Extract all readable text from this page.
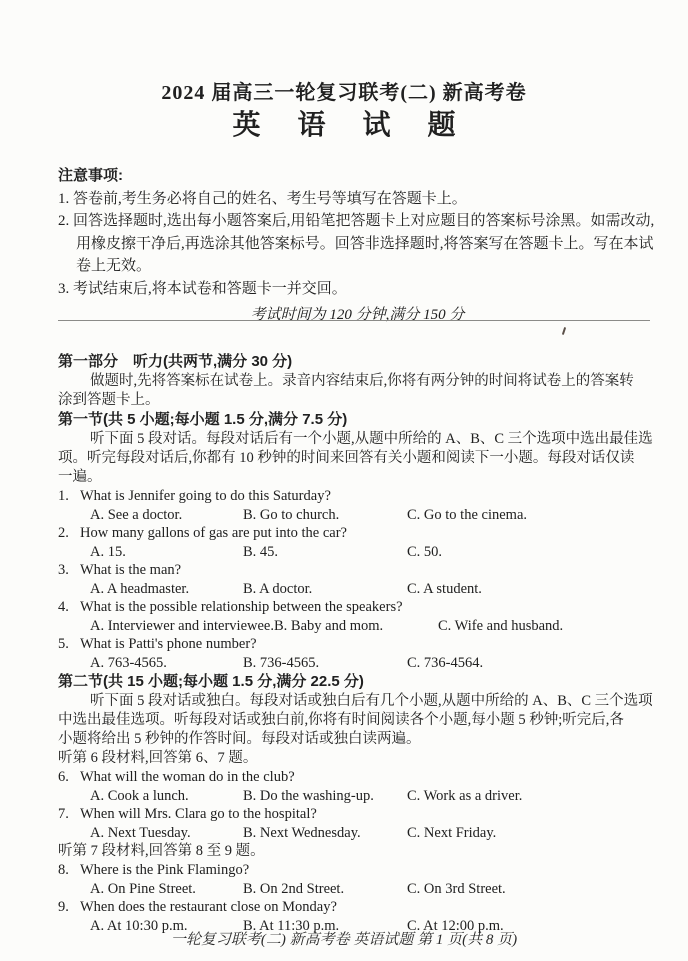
2024 届高三一轮复习联考(二) 新高考卷
英 语 试 题
注意事项:
1. 答卷前,考生务必将自己的姓名、考生号等填写在答题卡上。
2. 回答选择题时,选出每小题答案后,用铅笔把答题卡上对应题目的答案标号涂黑。如需改动,
用橡皮擦干净后,再选涂其他答案标号。回答非选择题时,将答案写在答题卡上。写在本试
卷上无效。
3. 考试结束后,将本试卷和答题卡一并交回。
考试时间为 120 分钟,满分 150 分
第一部分　听力(共两节,满分 30 分)
做题时,先将答案标在试卷上。录音内容结束后,你将有两分钟的时间将试卷上的答案转
涂到答题卡上。
第一节(共 5 小题;每小题 1.5 分,满分 7.5 分)
听下面 5 段对话。每段对话后有一个小题,从题中所给的 A、B、C 三个选项中选出最佳选
项。听完每段对话后,你都有 10 秒钟的时间来回答有关小题和阅读下一小题。每段对话仅读
一遍。
1. What is Jennifer going to do this Saturday?
A. See a doctor.	B. Go to church.	C. Go to the cinema.
2. How many gallons of gas are put into the car?
A. 15.	B. 45.	C. 50.
3. What is the man?
A. A headmaster.	B. A doctor.	C. A student.
4. What is the possible relationship between the speakers?
A. Interviewer and interviewee.B. Baby and mom.	C. Wife and husband.
5. What is Patti's phone number?
A. 763-4565.	B. 736-4565.	C. 736-4564.
第二节(共 15 小题;每小题 1.5 分,满分 22.5 分)
听下面 5 段对话或独白。每段对话或独白后有几个小题,从题中所给的 A、B、C 三个选项
中选出最佳选项。听每段对话或独白前,你将有时间阅读各个小题,每小题 5 秒钟;听完后,各
小题将给出 5 秒钟的作答时间。每段对话或独白读两遍。
听第 6 段材料,回答第 6、7 题。
6. What will the woman do in the club?
A. Cook a lunch.	B. Do the washing-up. C. Work as a driver.
7. When will Mrs. Clara go to the hospital?
A. Next Tuesday.	B. Next Wednesday.	C. Next Friday.
听第 7 段材料,回答第 8 至 9 题。
8. Where is the Pink Flamingo?
A. On Pine Street.	B. On 2nd Street.	C. On 3rd Street.
9. When does the restaurant close on Monday?
A. At 10:30 p.m.	B. At 11:30 p.m.	C. At 12:00 p.m.
一轮复习联考(二) 新高考卷 英语试题 第 1 页(共 8 页)
